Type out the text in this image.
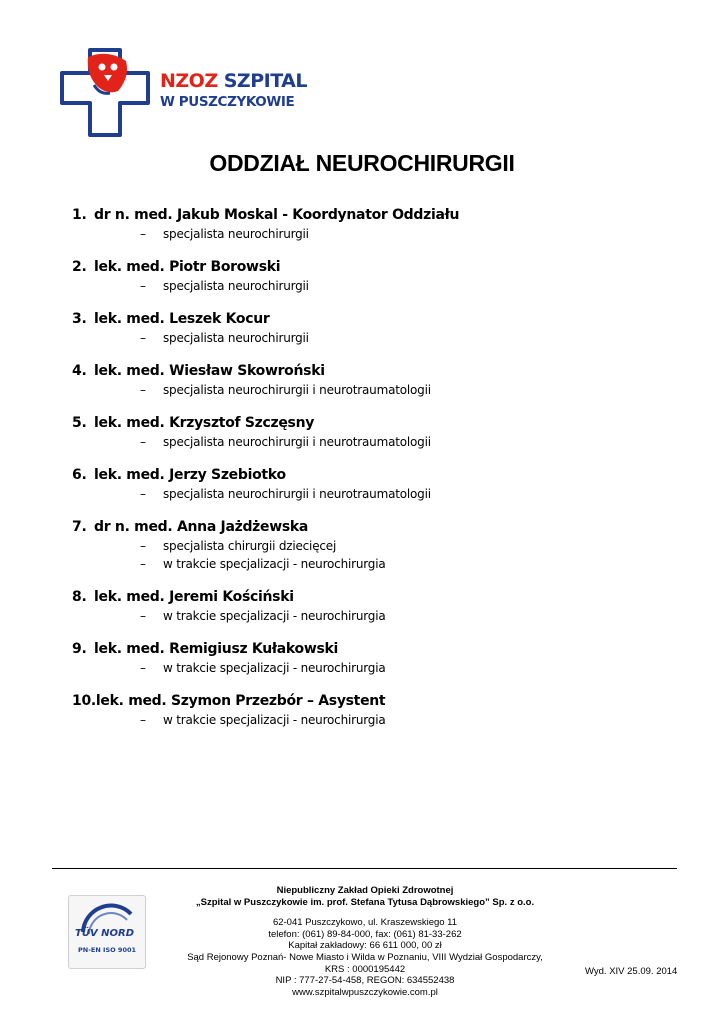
NZOZ SZPITAL
W PUSZCZYKOWIE
ODDZIAŁ NEUROCHIRURGII
1. dr n. med. Jakub Moskal - Koordynator Oddziału
– specjalista neurochirurgii
2. lek. med. Piotr Borowski
– specjalista neurochirurgii
3. lek. med. Leszek Kocur
– specjalista neurochirurgii
4. lek. med. Wiesław Skowroński
– specjalista neurochirurgii i neurotraumatologii
5. lek. med. Krzysztof Szczęsny
– specjalista neurochirurgii i neurotraumatologii
6. lek. med. Jerzy Szebiotko
– specjalista neurochirurgii i neurotraumatologii
7. dr n. med. Anna Jażdżewska
– specjalista chirurgii dziecięcej
– w trakcie specjalizacji - neurochirurgia
8. lek. med. Jeremi Kościński
– w trakcie specjalizacji - neurochirurgia
9. lek. med. Remigiusz Kułakowski
– w trakcie specjalizacji - neurochirurgia
10.lek. med. Szymon Przezbór – Asystent
– w trakcie specjalizacji - neurochirurgia
TÜV NORD
PN-EN ISO 9001
Niepubliczny Zakład Opieki Zdrowotnej
„Szpital w Puszczykowie im. prof. Stefana Tytusa Dąbrowskiego” Sp. z o.o.
62-041 Puszczykowo, ul. Kraszewskiego 11
telefon: (061) 89-84-000, fax: (061) 81-33-262
Kapitał zakładowy: 66 611 000, 00 zł
Sąd Rejonowy Poznań- Nowe Miasto i Wilda w Poznaniu, VIII Wydział Gospodarczy,
KRS : 0000195442
NIP : 777-27-54-458, REGON: 634552438
www.szpitalwpuszczykowie.com.pl
Wyd. XIV 25.09. 2014
